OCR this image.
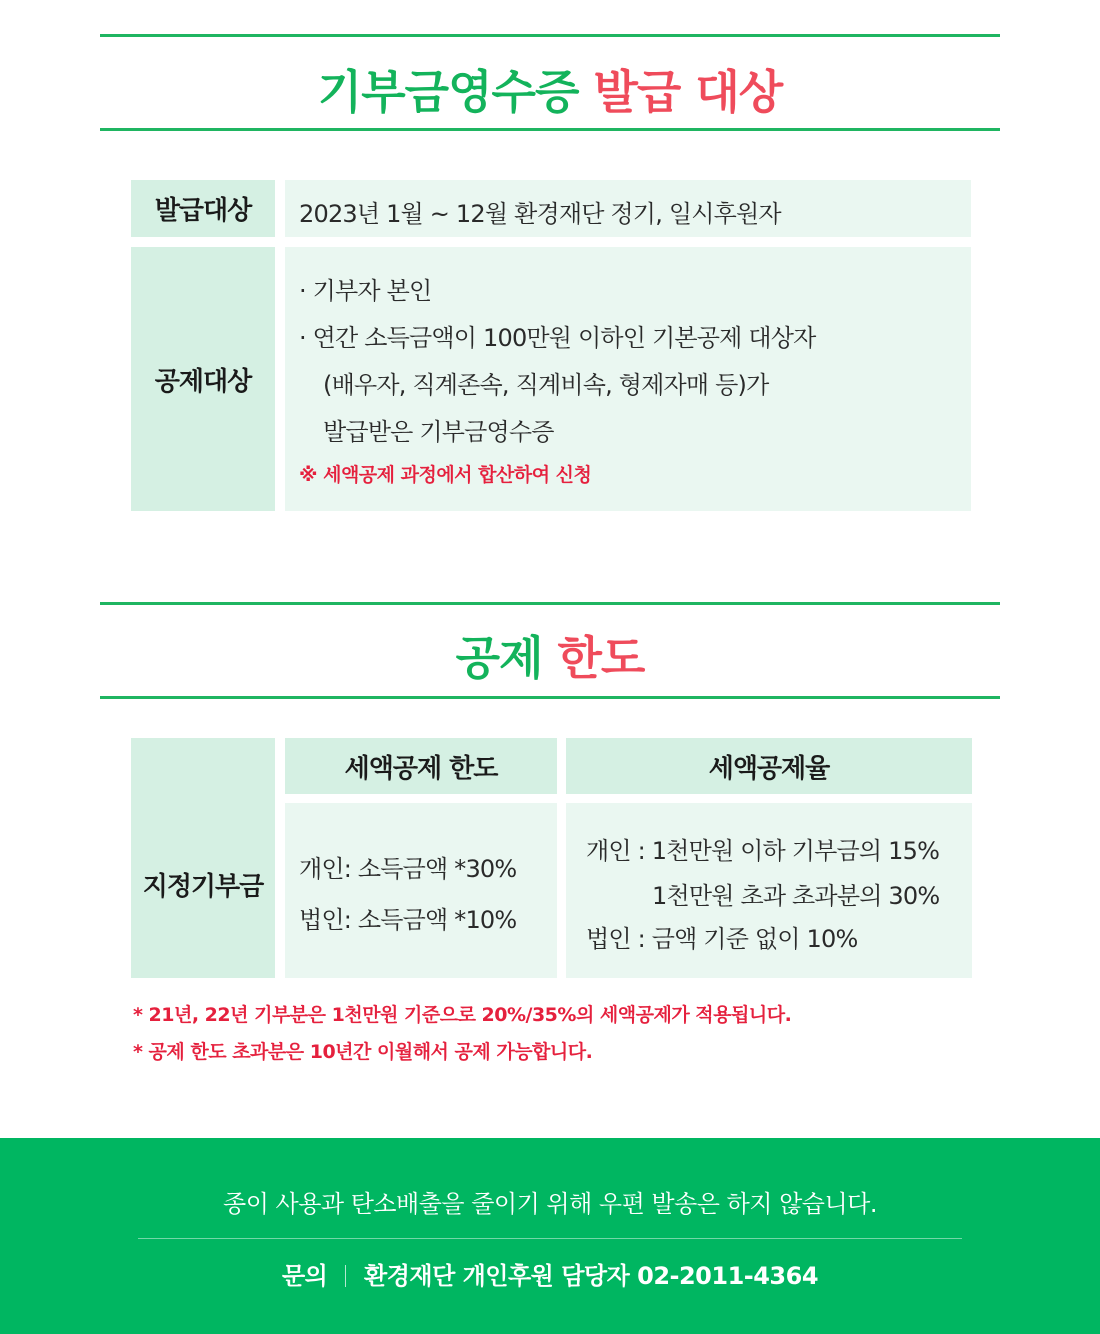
기부금영수증 발급 대상
발급대상 2023년 1월 ~ 12월 환경재단 정기, 일시후원자
공제대상
· 기부자 본인
· 연간 소득금액이 100만원 이하인 기본공제 대상자
(배우자, 직계존속, 직계비속, 형제자매 등)가
발급받은 기부금영수증
※ 세액공제 과정에서 합산하여 신청
공제 한도
세액공제 한도	세액공제율
지정기부금
개인: 소득금액 *30%
법인: 소득금액 *10%
개인 : 1천만원 이하 기부금의 15%
1천만원 초과 초과분의 30%
법인 : 금액 기준 없이 10%
* 21년, 22년 기부분은 1천만원 기준으로 20%/35%의 세액공제가 적용됩니다.
* 공제 한도 초과분은 10년간 이월해서 공제 가능합니다.
종이 사용과 탄소배출을 줄이기 위해 우편 발송은 하지 않습니다.
문의 환경재단 개인후원 담당자 02-2011-4364
